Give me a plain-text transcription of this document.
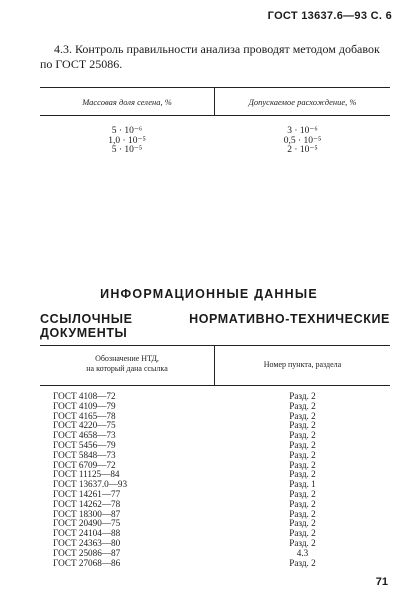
ГОСТ 13637.6—93 С. 6
4.3. Контроль правильности анализа проводят методом добавок по ГОСТ 25086.
Массовая доля селена, %	Допускаемое расхождение, %
5 · 10⁻⁶
1,0 · 10⁻⁵
5 · 10⁻⁵
3 · 10⁻⁶
0,5 · 10⁻⁵
2 · 10⁻⁵
ИНФОРМАЦИОННЫЕ ДАННЫЕ
ССЫЛОЧНЫЕ НОРМАТИВНО-ТЕХНИЧЕСКИЕ ДОКУМЕНТЫ
Обозначение НТД,
на который дана ссылка	Номер пункта, раздела
ГОСТ 4108—72
ГОСТ 4109—79
ГОСТ 4165—78
ГОСТ 4220—75
ГОСТ 4658—73
ГОСТ 5456—79
ГОСТ 5848—73
ГОСТ 6709—72
ГОСТ 11125—84
ГОСТ 13637.0—93
ГОСТ 14261—77
ГОСТ 14262—78
ГОСТ 18300—87
ГОСТ 20490—75
ГОСТ 24104—88
ГОСТ 24363—80
ГОСТ 25086—87
ГОСТ 27068—86
Разд. 2
Разд. 2
Разд. 2
Разд. 2
Разд. 2
Разд. 2
Разд. 2
Разд. 2
Разд. 2
Разд. 1
Разд. 2
Разд. 2
Разд. 2
Разд. 2
Разд. 2
Разд. 2
4.3
Разд. 2
71
